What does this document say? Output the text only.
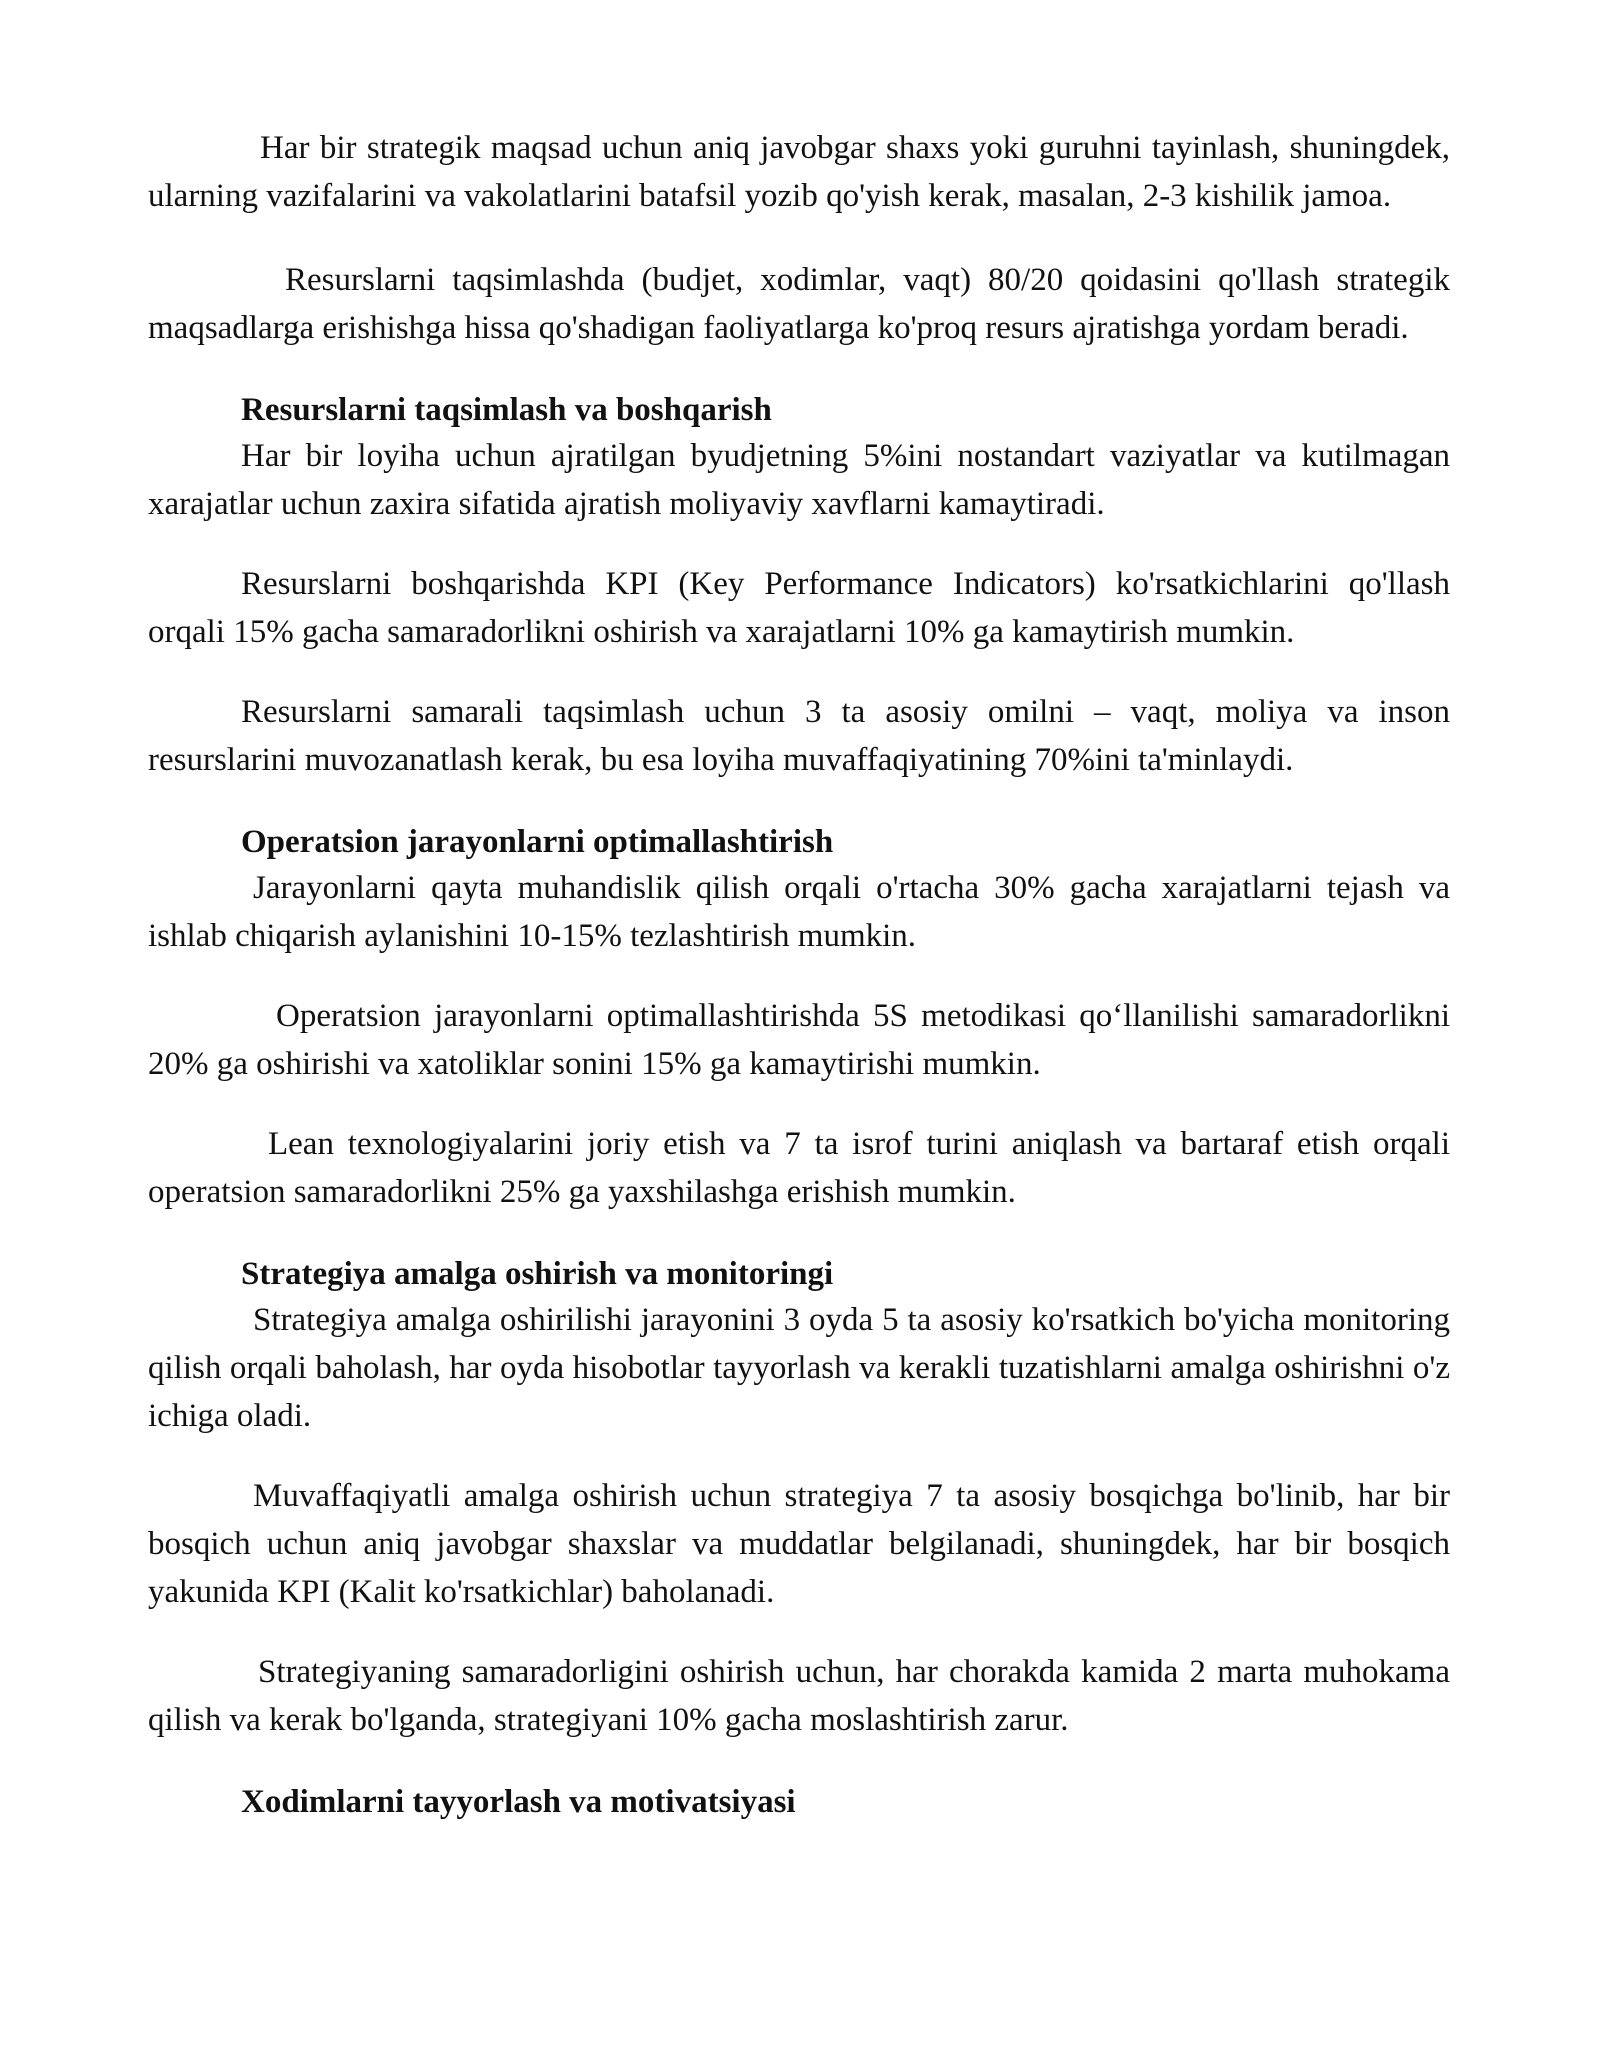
Har bir strategik maqsad uchun aniq javobgar shaxs yoki guruhni tayinlash, shuningdek, ularning vazifalarini va vakolatlarini batafsil yozib qo'yish kerak, masalan, 2-3 kishilik jamoa.

Resurslarni taqsimlashda (budjet, xodimlar, vaqt) 80/20 qoidasini qo'llash strategik maqsadlarga erishishga hissa qo'shadigan faoliyatlarga ko'proq resurs ajratishga yordam beradi.

Resurslarni taqsimlash va boshqarish

Har bir loyiha uchun ajratilgan byudjetning 5%ini nostandart vaziyatlar va kutilmagan xarajatlar uchun zaxira sifatida ajratish moliyaviy xavflarni kamaytiradi.

Resurslarni boshqarishda KPI (Key Performance Indicators) ko'rsatkichlarini qo'llash orqali 15% gacha samaradorlikni oshirish va xarajatlarni 10% ga kamaytirish mumkin.

Resurslarni samarali taqsimlash uchun 3 ta asosiy omilni – vaqt, moliya va inson resurslarini muvozanatlash kerak, bu esa loyiha muvaffaqiyatining 70%ini ta'minlaydi.

Operatsion jarayonlarni optimallashtirish

Jarayonlarni qayta muhandislik qilish orqali o'rtacha 30% gacha xarajatlarni tejash va ishlab chiqarish aylanishini 10-15% tezlashtirish mumkin.

Operatsion jarayonlarni optimallashtirishda 5S metodikasi qo‘llanilishi samaradorlikni 20% ga oshirishi va xatoliklar sonini 15% ga kamaytirishi mumkin.

Lean texnologiyalarini joriy etish va 7 ta isrof turini aniqlash va bartaraf etish orqali operatsion samaradorlikni 25% ga yaxshilashga erishish mumkin.

Strategiya amalga oshirish va monitoringi

Strategiya amalga oshirilishi jarayonini 3 oyda 5 ta asosiy ko'rsatkich bo'yicha monitoring qilish orqali baholash, har oyda hisobotlar tayyorlash va kerakli tuzatishlarni amalga oshirishni o'z ichiga oladi.

Muvaffaqiyatli amalga oshirish uchun strategiya 7 ta asosiy bosqichga bo'linib, har bir bosqich uchun aniq javobgar shaxslar va muddatlar belgilanadi, shuningdek, har bir bosqich yakunida KPI (Kalit ko'rsatkichlar) baholanadi.

Strategiyaning samaradorligini oshirish uchun, har chorakda kamida 2 marta muhokama qilish va kerak bo'lganda, strategiyani 10% gacha moslashtirish zarur.

Xodimlarni tayyorlash va motivatsiyasi
